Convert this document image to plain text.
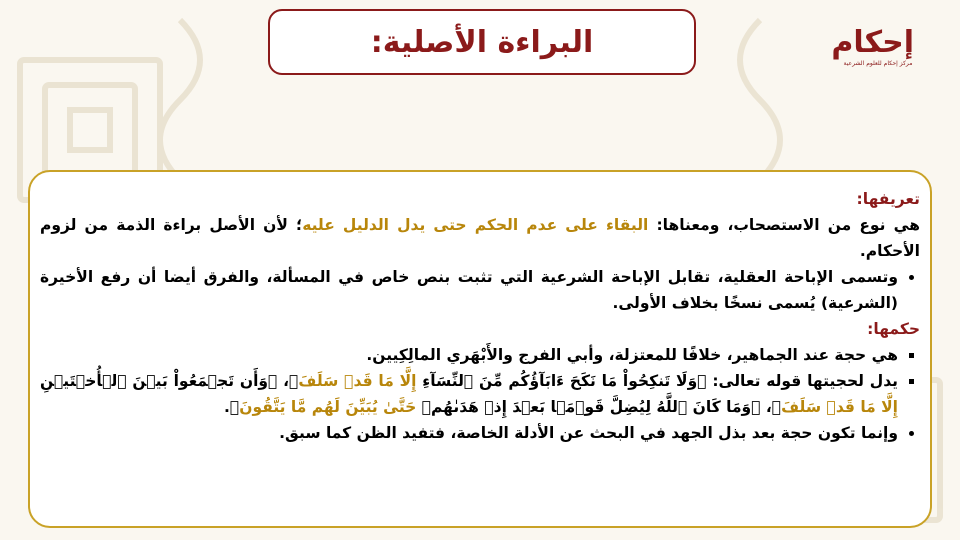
البراءة الأصلية:	إحكام
مركز إحكام للعلوم الشرعية
تعريفها:

هي نوع من الاستصحاب، ومعناها: البقاء على عدم الحكم حتى يدل الدليل عليه؛ لأن الأصل براءة الذمة من لزوم الأحكام.

• وتسمى الإباحة العقلية، تقابل الإباحة الشرعية التي تثبت بنص خاص في المسألة، والفرق أيضا أن رفع الأخيرة (الشرعية) يُسمى نسخًا بخلاف الأولى.
حكمها:
▪ هي حجة عند الجماهير، خلافًا للمعتزلة، وأبي الفرج والأَبْهَري المالِكِيين.
▪ يدل لحجيتها قوله تعالى: ﴿وَلَا تَنكِحُواْ مَا نَكَحَ ءَابَآؤُكُم مِّنَ ٱلنِّسَآءِ إِلَّا مَا قَدۡ سَلَفَ﴾، ﴿وَأَن تَجۡمَعُواْ بَيۡنَ ٱلۡأُخۡتَيۡنِ إِلَّا مَا قَدۡ سَلَفَ﴾، ﴿وَمَا كَانَ ٱللَّهُ لِيُضِلَّ قَوۡمَۢا بَعۡدَ إِذۡ هَدَىٰهُمۡ حَتَّىٰ يُبَيِّنَ لَهُم مَّا يَتَّقُونَ﴾.
• وإنما تكون حجة بعد بذل الجهد في البحث عن الأدلة الخاصة، فتفيد الظن كما سبق.
